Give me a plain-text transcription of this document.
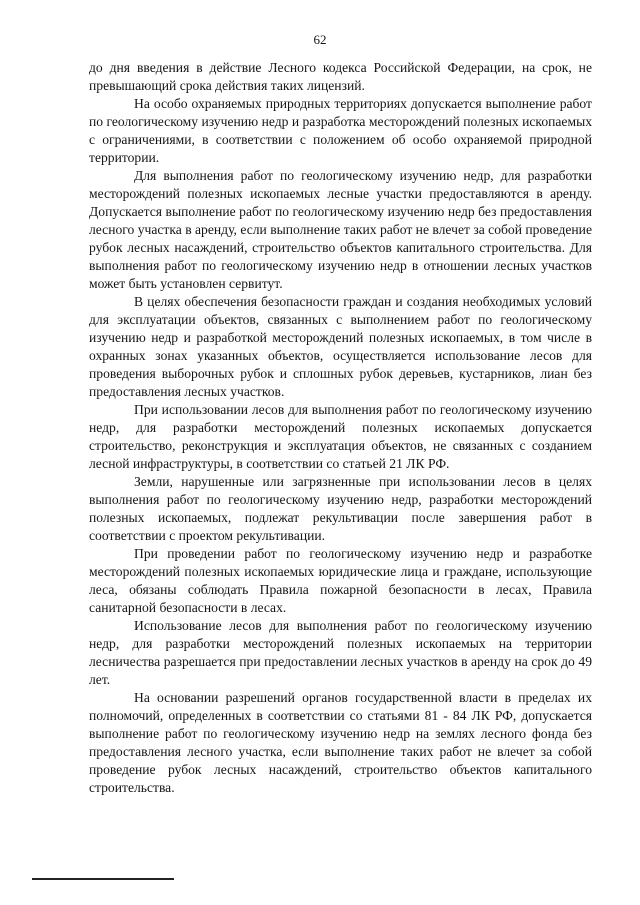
62

до дня введения в действие Лесного кодекса Российской Федерации, на срок, не превышающий срока действия таких лицензий.

На особо охраняемых природных территориях допускается выполнение работ по геологическому изучению недр и разработка месторождений полезных ископаемых с ограничениями, в соответствии с положением об особо охраняемой природной территории.

Для выполнения работ по геологическому изучению недр, для разработки месторождений полезных ископаемых лесные участки предоставляются в аренду. Допускается выполнение работ по геологическому изучению недр без предоставления лесного участка в аренду, если выполнение таких работ не влечет за собой проведение рубок лесных насаждений, строительство объектов капитального строительства. Для выполнения работ по геологическому изучению недр в отношении лесных участков может быть установлен сервитут.

В целях обеспечения безопасности граждан и создания необходимых условий для эксплуатации объектов, связанных с выполнением работ по геологическому изучению недр и разработкой месторождений полезных ископаемых, в том числе в охранных зонах указанных объектов, осуществляется использование лесов для проведения выборочных рубок и сплошных рубок деревьев, кустарников, лиан без предоставления лесных участков.

При использовании лесов для выполнения работ по геологическому изучению недр, для разработки месторождений полезных ископаемых допускается строительство, реконструкция и эксплуатация объектов, не связанных с созданием лесной инфраструктуры, в соответствии со статьей 21 ЛК РФ.

Земли, нарушенные или загрязненные при использовании лесов в целях выполнения работ по геологическому изучению недр, разработки месторождений полезных ископаемых, подлежат рекультивации после завершения работ в соответствии с проектом рекультивации.

При проведении работ по геологическому изучению недр и разработке месторождений полезных ископаемых юридические лица и граждане, использующие леса, обязаны соблюдать Правила пожарной безопасности в лесах, Правила санитарной безопасности в лесах.

Использование лесов для выполнения работ по геологическому изучению недр, для разработки месторождений полезных ископаемых на территории лесничества разрешается при предоставлении лесных участков в аренду на срок до 49 лет.

На основании разрешений органов государственной власти в пределах их полномочий, определенных в соответствии со статьями 81 - 84 ЛК РФ, допускается выполнение работ по геологическому изучению недр на землях лесного фонда без предоставления лесного участка, если выполнение таких работ не влечет за собой проведение рубок лесных насаждений, строительство объектов капитального строительства.
